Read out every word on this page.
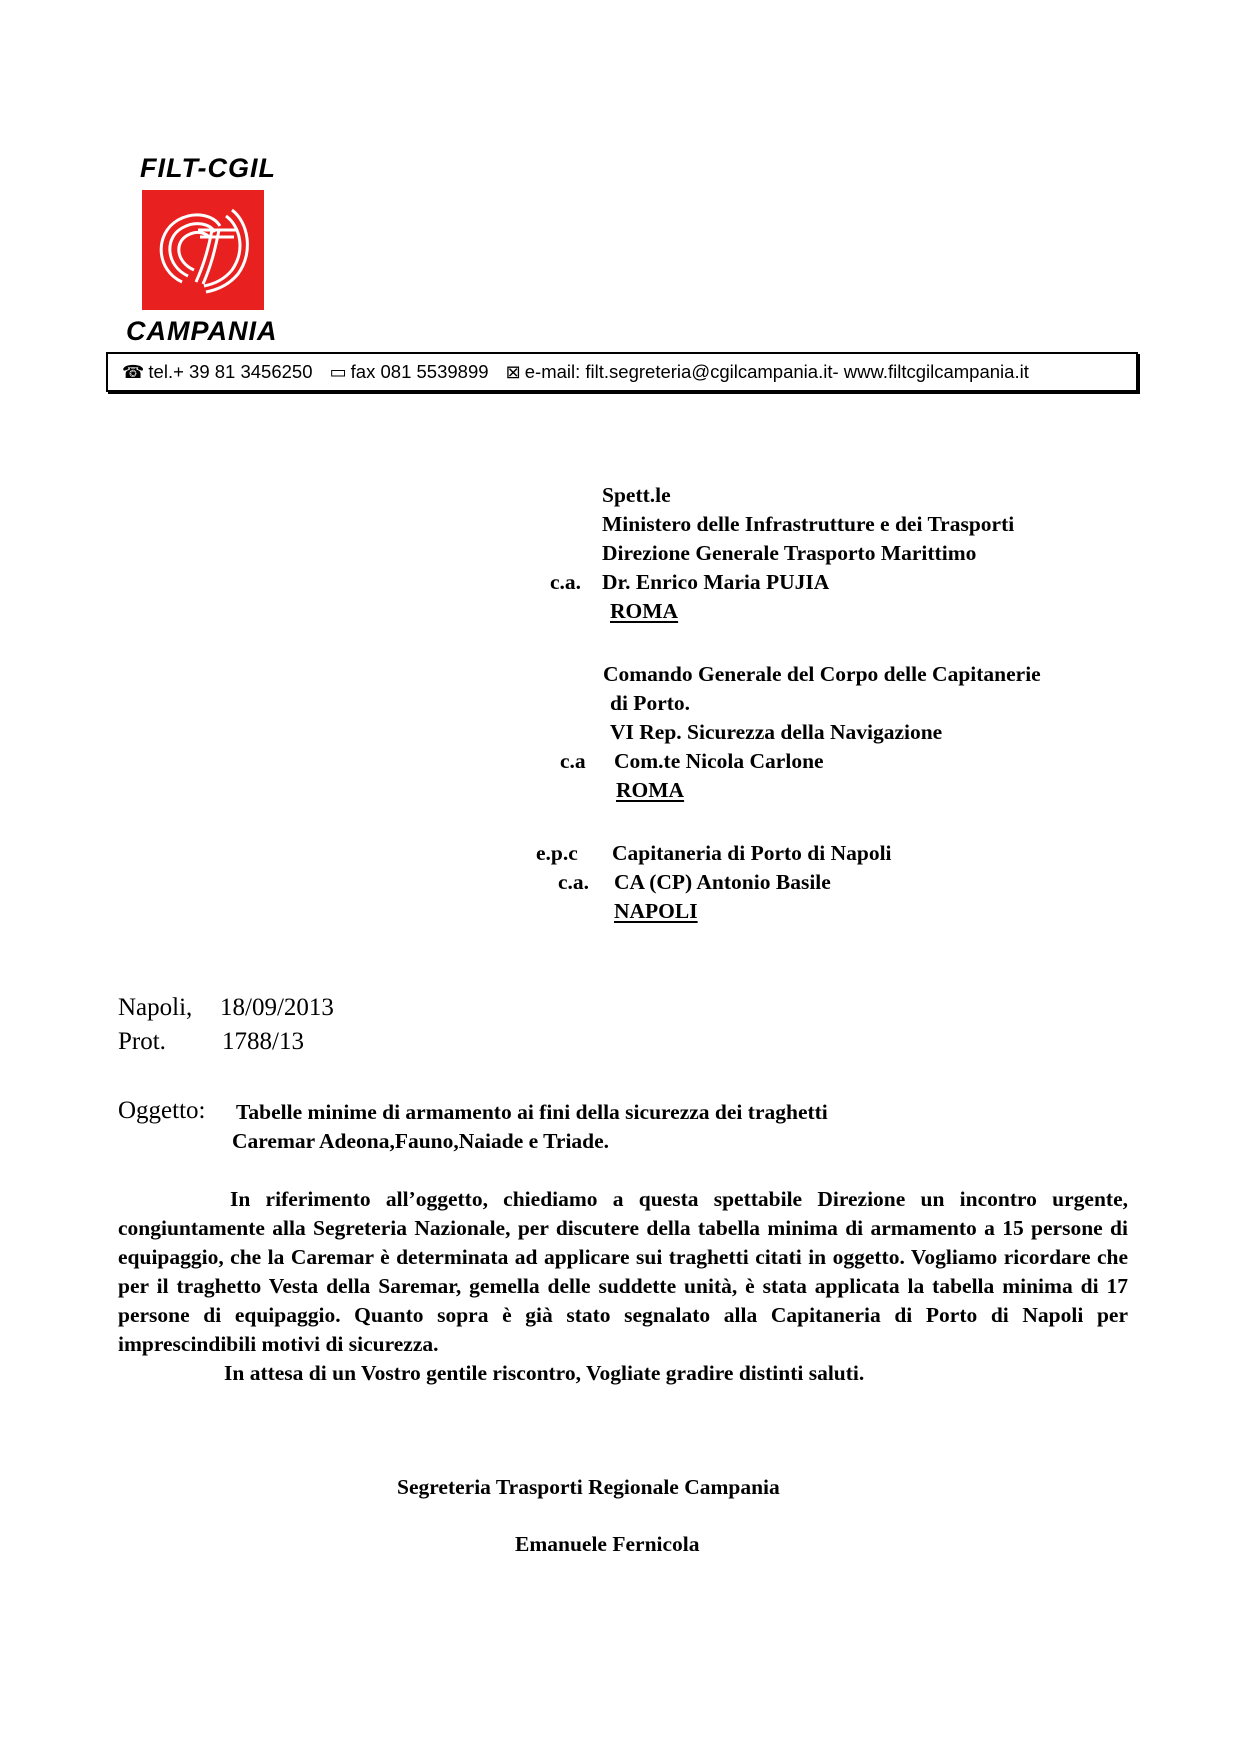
FILT-CGIL
CAMPANIA
☎ tel.+ 39 81 3456250 ▭ fax 081 5539899 ⊠ e-mail: filt.segreteria@cgilcampania.it- www.filtcgilcampania.it
Spett.le
Ministero delle Infrastrutture e dei Trasporti
Direzione Generale Trasporto Marittimo
c.a. Dr. Enrico Maria PUJIA
ROMA
Comando Generale del Corpo delle Capitanerie
di Porto.
VI Rep. Sicurezza della Navigazione
c.a Com.te Nicola Carlone
ROMA
e.p.c Capitaneria di Porto di Napoli
c.a. CA (CP) Antonio Basile
NAPOLI
Napoli, 18/09/2013
Prot. 1788/13
Oggetto: Tabelle minime di armamento ai fini della sicurezza dei traghetti
Caremar Adeona,Fauno,Naiade e Triade.

In riferimento all’oggetto, chiediamo a questa spettabile Direzione un incontro urgente, congiuntamente alla Segreteria Nazionale, per discutere della tabella minima di armamento a 15 persone di equipaggio, che la Caremar è determinata ad applicare sui traghetti citati in oggetto. Vogliamo ricordare che per il traghetto Vesta della Saremar, gemella delle suddette unità, è stata applicata la tabella minima di 17 persone di equipaggio. Quanto sopra è già stato segnalato alla Capitaneria di Porto di Napoli per imprescindibili motivi di sicurezza.

In attesa di un Vostro gentile riscontro, Vogliate gradire distinti saluti.

Segreteria Trasporti Regionale Campania
Emanuele Fernicola
